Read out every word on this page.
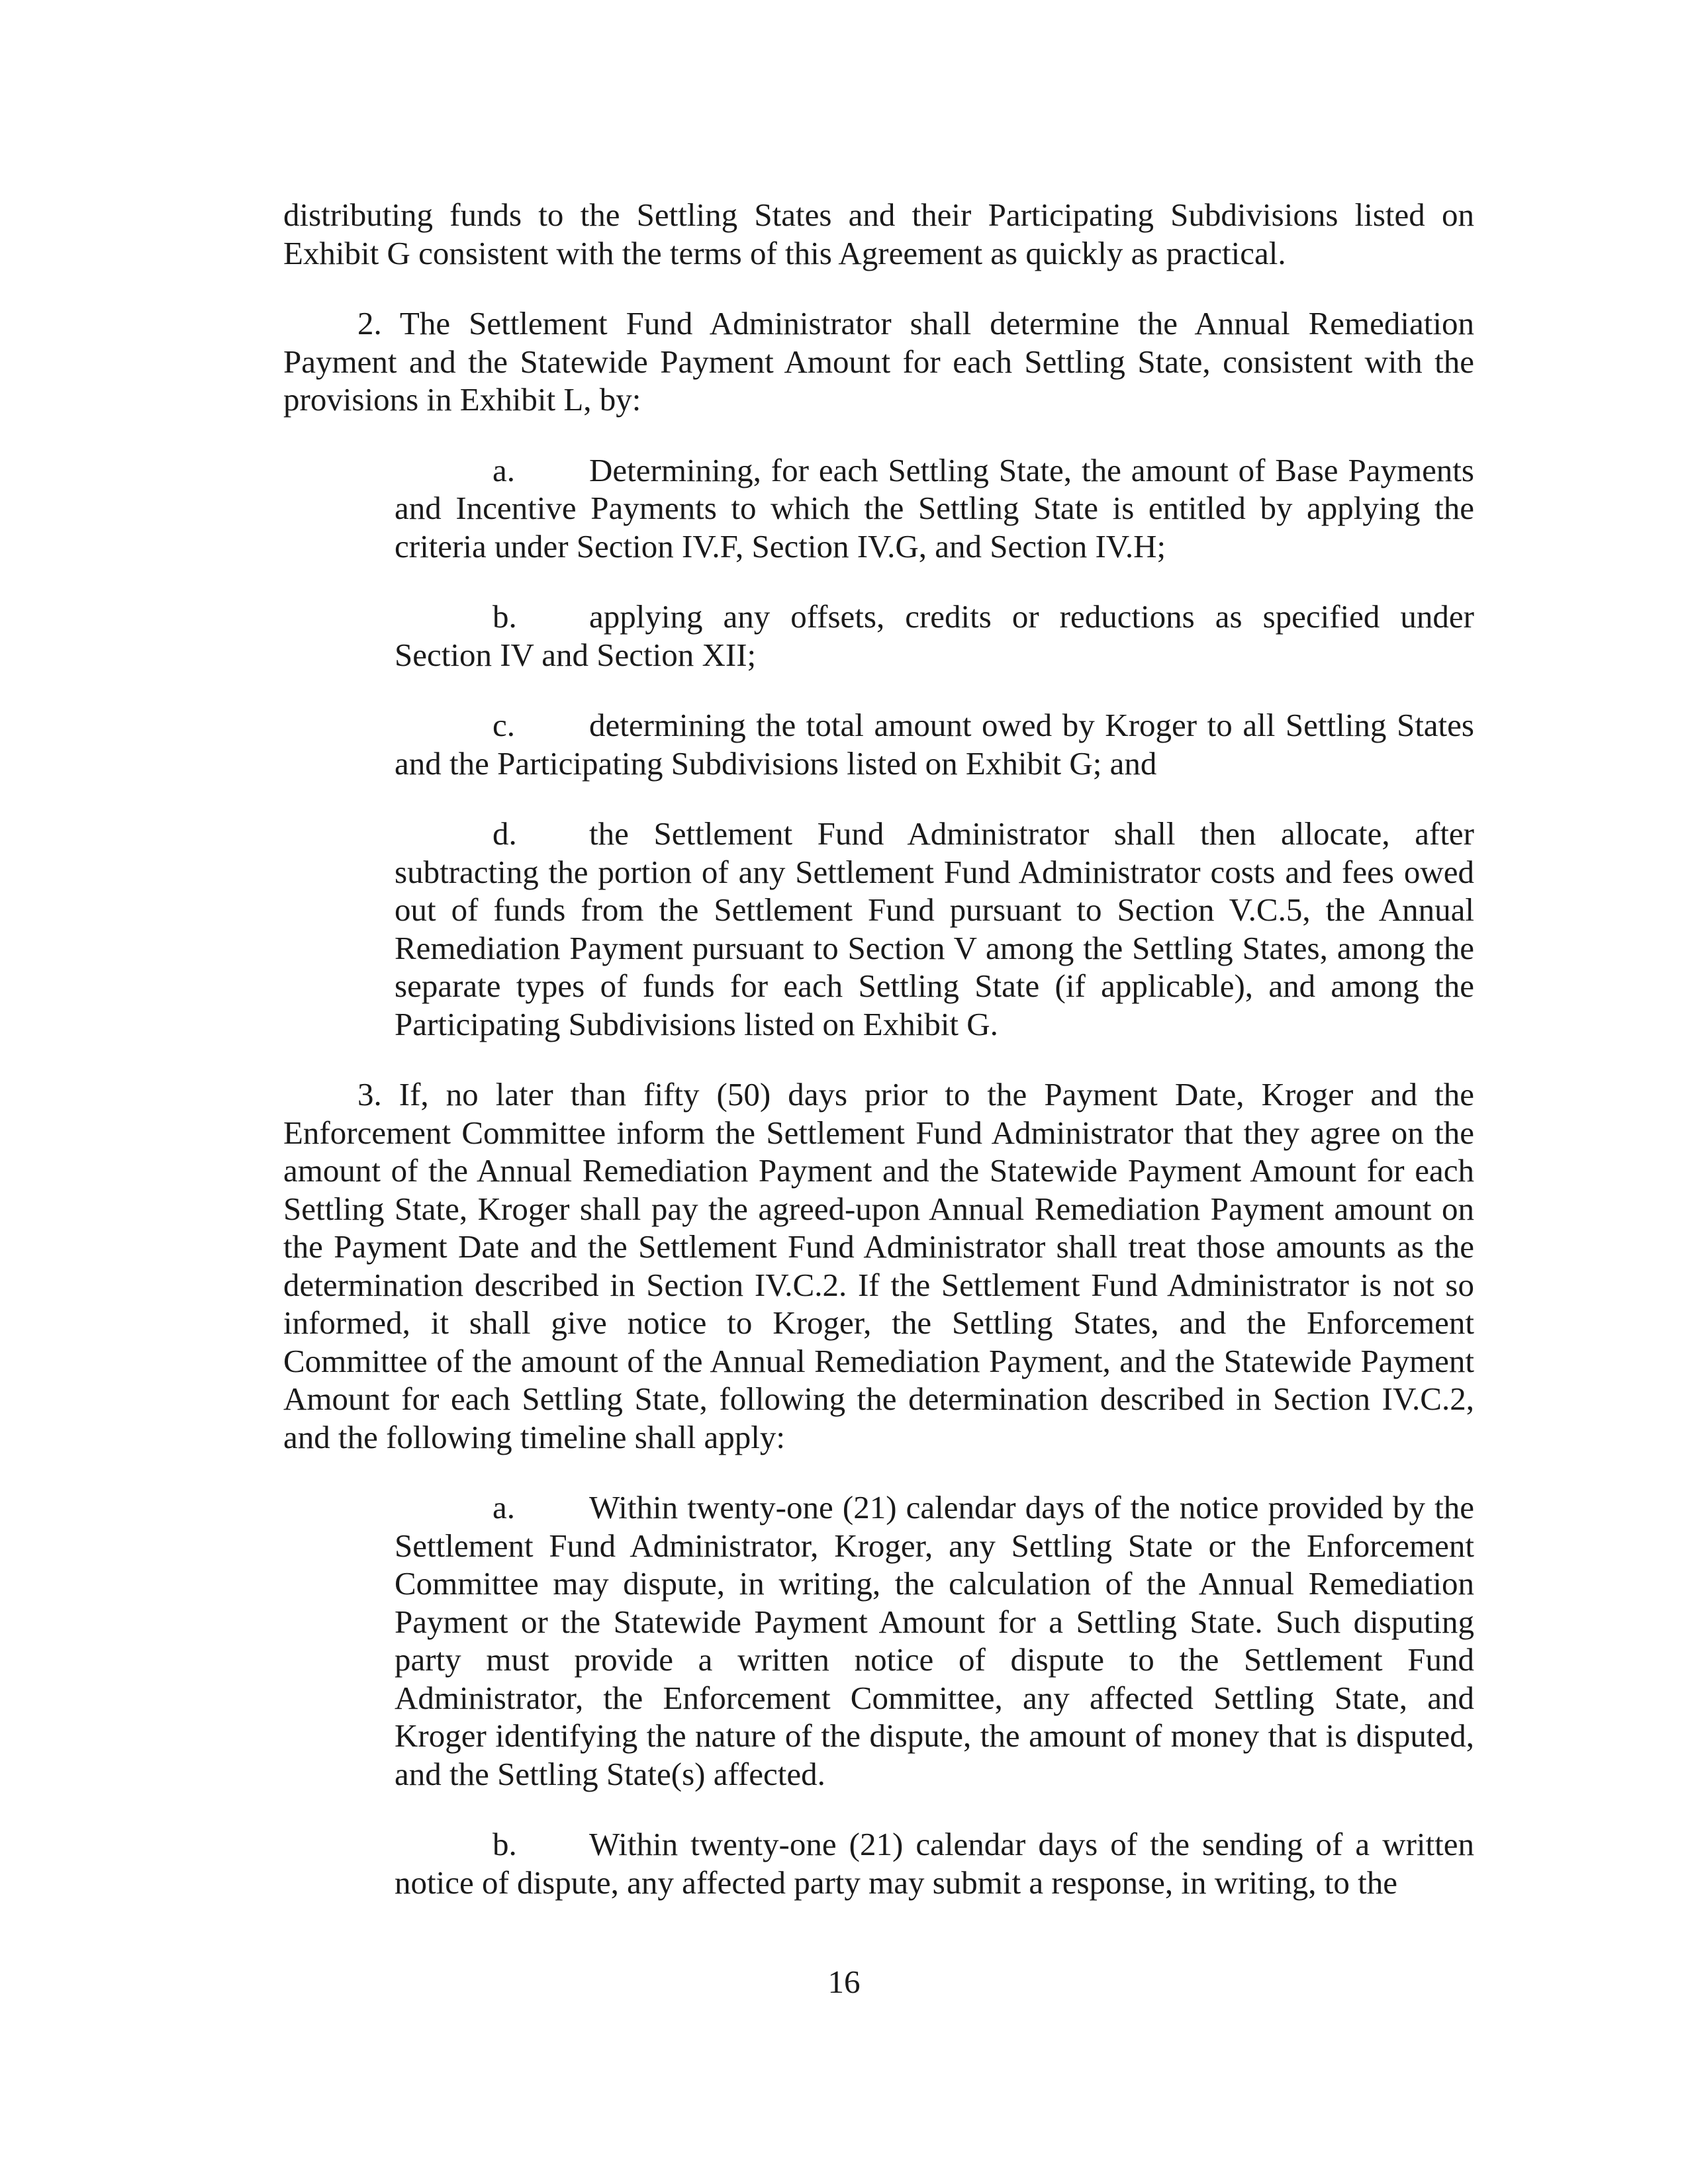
distributing funds to the Settling States and their Participating Subdivisions listed on Exhibit G consistent with the terms of this Agreement as quickly as practical.

2. The Settlement Fund Administrator shall determine the Annual Remediation Payment and the Statewide Payment Amount for each Settling State, consistent with the provisions in Exhibit L, by:

a. Determining, for each Settling State, the amount of Base Payments and Incentive Payments to which the Settling State is entitled by applying the criteria under Section IV.F, Section IV.G, and Section IV.H;

b. applying any offsets, credits or reductions as specified under Section IV and Section XII;

c. determining the total amount owed by Kroger to all Settling States and the Participating Subdivisions listed on Exhibit G; and

d. the Settlement Fund Administrator shall then allocate, after subtracting the portion of any Settlement Fund Administrator costs and fees owed out of funds from the Settlement Fund pursuant to Section V.C.5, the Annual Remediation Payment pursuant to Section V among the Settling States, among the separate types of funds for each Settling State (if applicable), and among the Participating Subdivisions listed on Exhibit G.

3. If, no later than fifty (50) days prior to the Payment Date, Kroger and the Enforcement Committee inform the Settlement Fund Administrator that they agree on the amount of the Annual Remediation Payment and the Statewide Payment Amount for each Settling State, Kroger shall pay the agreed-upon Annual Remediation Payment amount on the Payment Date and the Settlement Fund Administrator shall treat those amounts as the determination described in Section IV.C.2. If the Settlement Fund Administrator is not so informed, it shall give notice to Kroger, the Settling States, and the Enforcement Committee of the amount of the Annual Remediation Payment, and the Statewide Payment Amount for each Settling State, following the determination described in Section IV.C.2, and the following timeline shall apply:

a. Within twenty-one (21) calendar days of the notice provided by the Settlement Fund Administrator, Kroger, any Settling State or the Enforcement Committee may dispute, in writing, the calculation of the Annual Remediation Payment or the Statewide Payment Amount for a Settling State. Such disputing party must provide a written notice of dispute to the Settlement Fund Administrator, the Enforcement Committee, any affected Settling State, and Kroger identifying the nature of the dispute, the amount of money that is disputed, and the Settling State(s) affected.

b. Within twenty-one (21) calendar days of the sending of a written notice of dispute, any affected party may submit a response, in writing, to the

16
